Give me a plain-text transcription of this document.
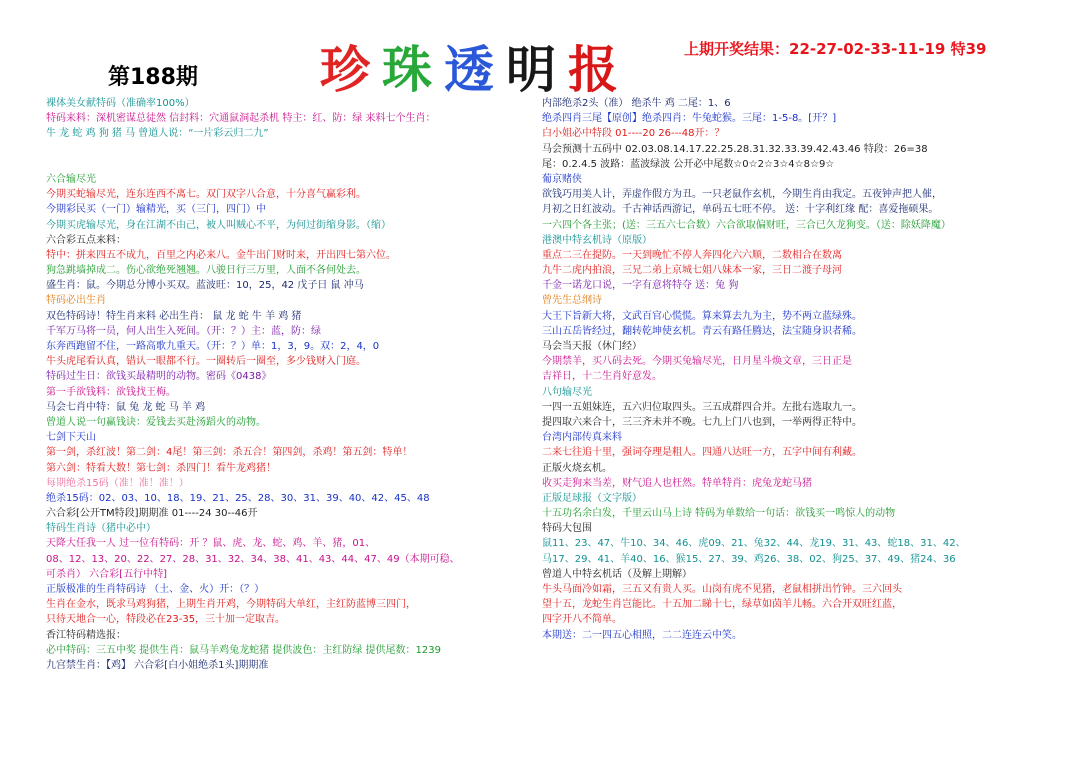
第188期 珍珠透明报	上期开奖结果：22-27-02-33-11-19 特39
裸体美女献特码（准确率100%）
特码来料：深机密谋总徒然 信封料：穴通鼠洞起杀机 特主：红、防：绿 来料七个生肖：
牛 龙 蛇 鸡 狗 猪 马 曾道人说：“一片彩云归二九”
六合输尽光
今期买蛇输尽光，连东连西不离七。双门双字八合意，十分喜气赢彩利。
今期彩民买（一门）输精光，买（三门，四门）中
今期买虎输尽光，身在江湖不由己，被人叫贼心不平，为何过街缩身影。（缩）
六合彩五点来料：
特中：拼来四五不成九，百里之内必来八。金牛出门财时来，开出四七第六位。
狗急跳墙掉成二。伤心欲绝死翘翘。八骏日行三万里，人面不各何处去。
盛生肖：鼠。今期总分博小买双。蓝波旺：10，25，42 戊子日 鼠 冲马
特码必出生肖
双色特码诗！特生肖来料 必出生肖： 鼠 龙 蛇 牛 羊 鸡 猪
千军万马将一员，何人出生入死间。（开：？）主：蓝，防：绿
东奔西跑留不住，一路高歌九重天。（开：？）单：1，3，9。双：2，4，0
牛头虎尾看认真，错认一眼都不行。一圈转后一圈至，多少钱财入门庭。
特码过生日：欲钱买最精明的动物。密码《0438》
第一手欲钱料：欲钱找王梅。
马会七肖中特：鼠 兔 龙 蛇 马 羊 鸡
曾道人说一句赢钱诀：爱钱去买赴汤蹈火的动物。
七剑下天山
第一剑，杀红波！第二剑：4尾！第三剑：杀五合！第四剑，杀鸡！第五剑：特单！
第六剑：特看大数！第七剑：杀四门！看牛龙鸡猪！
每期绝杀15码（准！准！准！）
绝杀15码：02、03、10、18、19、21、25、28、30、31、39、40、42、45、48
六合彩[公开TM特段]期期准 01----24 30--46开
特码生肖诗（猪中必中）
天降大任我一人 过一位有特码：开 ？鼠、虎、龙、蛇、鸡、羊、猪，01、
08、12、13、20、22、27、28、31、32、34、38、41、43、44、47、49（本期可稳、
可杀肖） 六合彩[五行中特]
正版极准的生肖特码诗 （土、金、火）开：（？）
生肖在金水，既求马鸡狗猪，上期生肖开鸡，今期特码大单红，主红防蓝博三四门，
只待天地合一心，特段必在23-35，三十加一定取吉。
香江特码精选报：
必中特码：三五中奖 提供生肖：鼠马羊鸡兔龙蛇猪 提供波色：主红防绿 提供尾数：1239
九宫禁生肖：【鸡】 六合彩[白小姐绝杀1头]期期准
内部绝杀2头（准） 绝杀牛 鸡 二尾：1、6
绝杀四肖三尾【原创】绝杀四肖：牛兔蛇猴。三尾：1-5-8。[开？]
白小姐必中特段 01----20 26---48开：？
马会预测十五码中 02.03.08.14.17.22.25.28.31.32.33.39.42.43.46 特段：26=38
尾：0.2.4.5 波路：蓝波绿波 公开必中尾数☆0☆2☆3☆4☆8☆9☆
葡京赌侠
欲钱巧用美人计，弄虚作假方为丑。一只老鼠作玄机，今期生肖由我定。五夜钟声把人催，
月初之日红波动。千古神话西游记，单码五七旺不停。 送：十字利红缘 配：喜爱拖硕果。
一六四个各主张；(送：三五六七合数）六合欲取偏财旺，三合已久龙狗变。（送：除妖降魔）
港澳中特玄机诗（原版）
重点二三在提防。一天到晚忙不停人奔四化六六顺，二数相合在数离
九牛二虎内拍浪，三兄二弟上京城七姐八妹本一家，三日二渡子母河
千金一诺龙口说，一字有意将特夺 送：兔 狗
曾先生总纲诗
大王下旨新大将，文武百官心慌慌。算来算去九为主，势不两立蓝绿殊。
三山五岳皆经过，翻转乾坤使玄机。青云有路任腾达，法宝随身识者稀。
马会当天报（休门经）
今期禁羊，买八码去死。今期买兔输尽光，日月星斗焕文章，三日正是
吉祥日，十二生肖好意发。
八句输尽光
一四一五姐妹连，五六归位取四头。三五成群四合并。左批右选取九一。
提四取六来合十，三三齐未并不晚。七九上门八也到，一举两得正特中。
台湾内部传真来料
二来七往追十里，强词夺理是粗人。四通八达旺一方，五字中间有利藏。
正版火烧玄机。
收买走狗来当差，财气追人也枉然。特单特肖：虎兔龙蛇马猪
正版足球报（文字版）
十五功名余白发，千里云山马上诗 特码为单数给一句话：欲钱买一鸣惊人的动物
特码大包围
鼠11、23、47、牛10、34、46、虎09、21、兔32、44、龙19、31、43、蛇18、31、42、
马17、29、41、羊40、16、猴15、27、39、鸡26、38、02、狗25、37、49、猪24、36
曾道人中特玄机话（及解上期解）
牛头马面冷如霜，三五又有贵人买。山岗有虎不见猪，老鼠相拼出竹钟。三六回头
望十五，龙蛇生肖岂能比。十五加二睇十七，绿草如茵羊儿畅。六合开双旺红蓝，
四字开八不简单。
本期送：二一四五心相照，二二连连云中笑。
